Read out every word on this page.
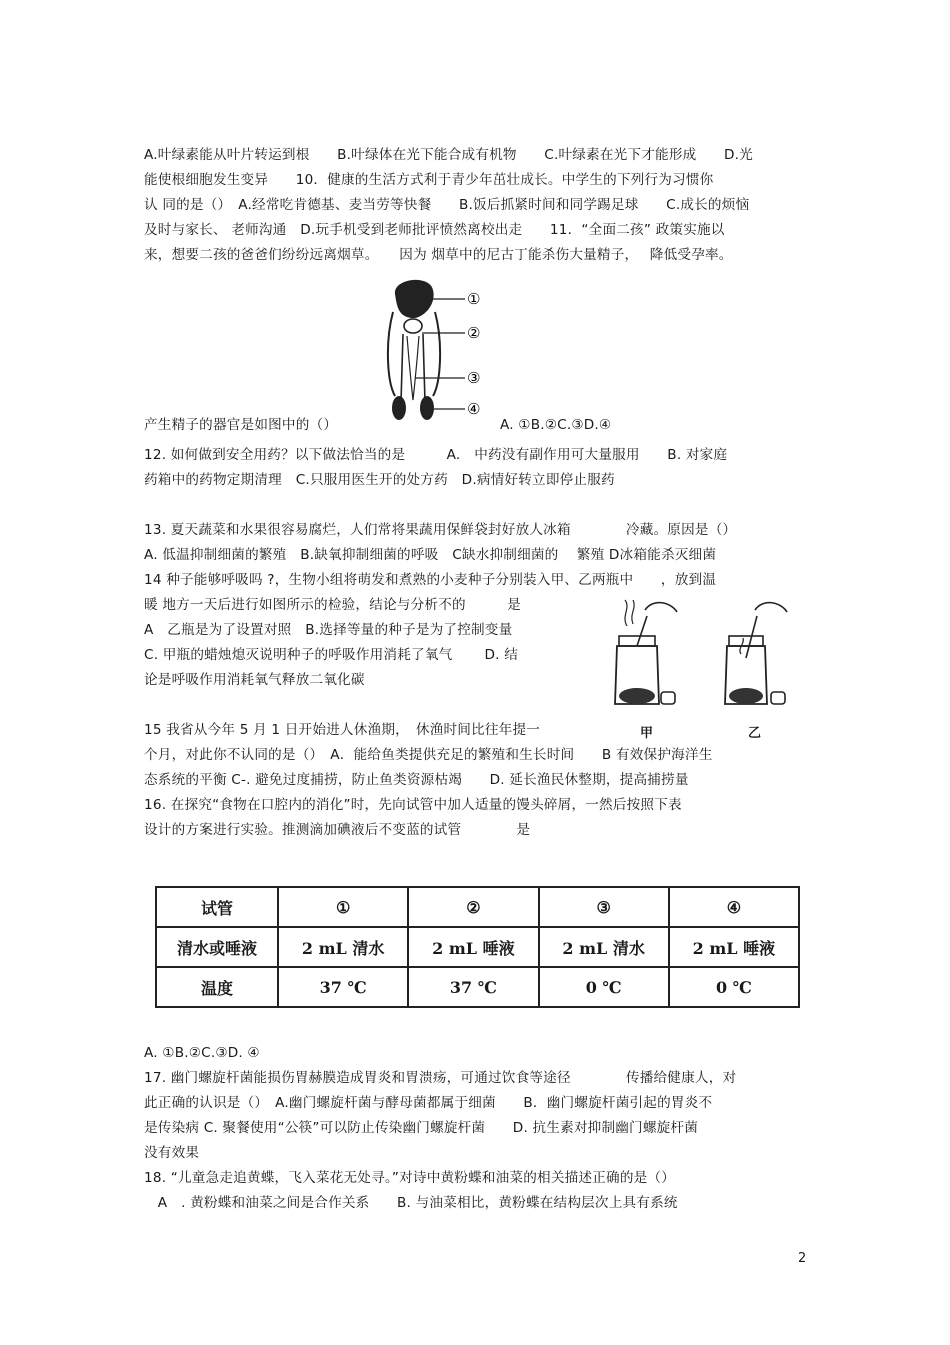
A.叶绿素能从叶片转运到根　　B.叶绿体在光下能合成有机物　　C.叶绿素在光下才能形成　　D.光
能使根细胞发生变异　　10．健康的生活方式利于青少年茁壮成长。中学生的下列行为习惯你
认 同的是（）　A.经常吃肯德基、麦当劳等快餐　　B.饭后抓紧时间和同学踢足球　　C.成长的烦恼
及时与家长、 老师沟通　D.玩手机受到老师批评愤然离校出走　　11．“全面二孩” 政策实施以
来，想要二孩的爸爸们纷纷远离烟草。　　因为 烟草中的尼古丁能杀伤大量精子，　 降低受孕率。
①
②
③
④
产生精子的器官是如图中的（）	A. ①B.②C.③D.④
12. 如何做到安全用药？以下做法恰当的是　　　A.　中药没有副作用可大量服用　　B. 对家庭
药箱中的药物定期清理　C.只服用医生开的处方药　D.病情好转立即停止服药
13. 夏天蔬菜和水果很容易腐烂，人们常将果蔬用保鲜袋封好放人冰箱　　　　冷藏。原因是（）
A. 低温抑制细菌的繁殖　B.缺氧抑制细菌的呼吸　C缺水抑制细菌的　 繁殖 D冰箱能杀灭细菌
14 种子能够呼吸吗 ?，生物小组将萌发和煮熟的小麦种子分别装入甲、乙两瓶中　　，放到温
暖 地方一天后进行如图所示的检验，结论与分析不的　　　是
A　乙瓶是为了设置对照　B.选择等量的种子是为了控制变量
C. 甲瓶的蜡烛熄灭说明种子的呼吸作用消耗了氧气　　 D. 结
论是呼吸作用消耗氧气释放二氧化碳
甲	乙
15 我省从今年 5 月 1 日开始进人休渔期，　休渔时间比往年提一
个月，对此你不认同的是（）　A．能给鱼类提供充足的繁殖和生长时间　　B 有效保护海洋生
态系统的平衡 C-. 避免过度捕捞，防止鱼类资源枯竭　　D. 延长渔民休整期，提高捕捞量
16. 在探究“食物在口腔内的消化”时，先向试管中加人适量的馒头碎屑，一然后按照下表
设计的方案进行实验。推测滴加碘液后不变蓝的试管　　　　是
试管	①	②	③	④
清水或唾液	2 mL 清水	2 mL 唾液	2 mL 清水	2 mL 唾液
温度	37 ℃	37 ℃	0 ℃	0 ℃
A. ①B.②C.③D. ④
17. 幽门螺旋杆菌能损伤胃赫膜造成胃炎和胃溃疡，可通过饮食等途径　　　　传播给健康人，对
此正确的认识是（）　A.幽门螺旋杆菌与酵母菌都属于细菌　　B．幽门螺旋杆菌引起的胃炎不
是传染病 C. 聚餐使用“公筷”可以防止传染幽门螺旋杆菌　　D. 抗生素对抑制幽门螺旋杆菌
没有效果
18. “儿童急走追黄蝶，飞入菜花无处寻。”对诗中黄粉蝶和油菜的相关描述正确的是（）
　A　. 黄粉蝶和油菜之间是合作关系　　B. 与油菜相比，黄粉蝶在结构层次上具有系统
2
